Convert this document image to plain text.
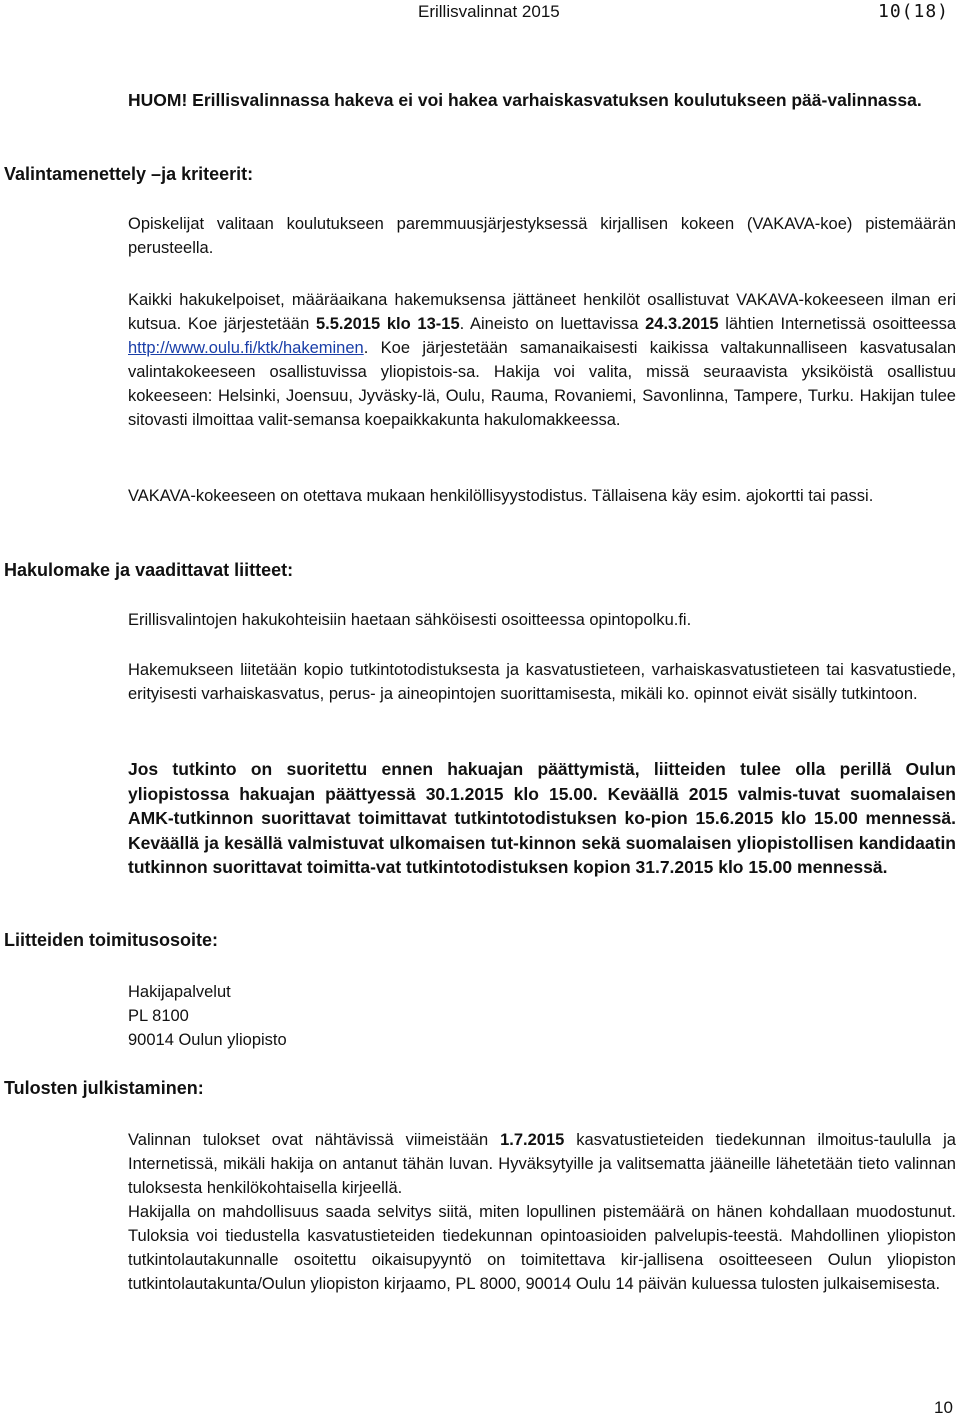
Erillisvalinnat 2015	10(18)
HUOM! Erillisvalinnassa hakeva ei voi hakea varhaiskasvatuksen koulutukseen pää-valinnassa.
Valintamenettely –ja kriteerit:
Opiskelijat valitaan koulutukseen paremmuusjärjestyksessä kirjallisen kokeen (VAKAVA-koe) pistemäärän perusteella.

Kaikki hakukelpoiset, määräaikana hakemuksensa jättäneet henkilöt osallistuvat VAKAVA-kokeeseen ilman eri kutsua. Koe järjestetään 5.5.2015 klo 13-15. Aineisto on luettavissa 24.3.2015 lähtien Internetissä osoitteessa http://www.oulu.fi/ktk/hakeminen. Koe järjestetään samanaikaisesti kaikissa valtakunnalliseen kasvatusalan valintakokeeseen osallistuvissa yliopistois-sa. Hakija voi valita, missä seuraavista yksiköistä osallistuu kokeeseen: Helsinki, Joensuu, Jyväsky-lä, Oulu, Rauma, Rovaniemi, Savonlinna, Tampere, Turku. Hakijan tulee sitovasti ilmoittaa valit-semansa koepaikkakunta hakulomakkeessa.

VAKAVA-kokeeseen on otettava mukaan henkilöllisyystodistus. Tällaisena käy esim. ajokortti tai passi.
Hakulomake ja vaadittavat liitteet:
Erillisvalintojen hakukohteisiin haetaan sähköisesti osoitteessa opintopolku.fi.
Hakemukseen liitetään kopio tutkintotodistuksesta ja kasvatustieteen, varhaiskasvatustieteen tai kasvatustiede, erityisesti varhaiskasvatus, perus- ja aineopintojen suorittamisesta, mikäli ko. opinnot eivät sisälly tutkintoon.
Jos tutkinto on suoritettu ennen hakuajan päättymistä, liitteiden tulee olla perillä Oulun yliopistossa hakuajan päättyessä 30.1.2015 klo 15.00. Keväällä 2015 valmis-tuvat suomalaisen AMK-tutkinnon suorittavat toimittavat tutkintotodistuksen ko-pion 15.6.2015 klo 15.00 mennessä. Keväällä ja kesällä valmistuvat ulkomaisen tut-kinnon sekä suomalaisen yliopistollisen kandidaatin tutkinnon suorittavat toimitta-vat tutkintotodistuksen kopion 31.7.2015 klo 15.00 mennessä.
Liitteiden toimitusosoite:
Hakijapalvelut
PL 8100
90014 Oulun yliopisto
Tulosten julkistaminen:

Valinnan tulokset ovat nähtävissä viimeistään 1.7.2015 kasvatustieteiden tiedekunnan ilmoitus-taululla ja Internetissä, mikäli hakija on antanut tähän luvan. Hyväksytyille ja valitsematta jääneille lähetetään tieto valinnan tuloksesta henkilökohtaisella kirjeellä.

Hakijalla on mahdollisuus saada selvitys siitä, miten lopullinen pistemäärä on hänen kohdallaan muodostunut. Tuloksia voi tiedustella kasvatustieteiden tiedekunnan opintoasioiden palvelupis-teestä. Mahdollinen yliopiston tutkintolautakunnalle osoitettu oikaisupyyntö on toimitettava kir-jallisena osoitteeseen Oulun yliopiston tutkintolautakunta/Oulun yliopiston kirjaamo, PL 8000, 90014 Oulu 14 päivän kuluessa tulosten julkaisemisesta.

10
